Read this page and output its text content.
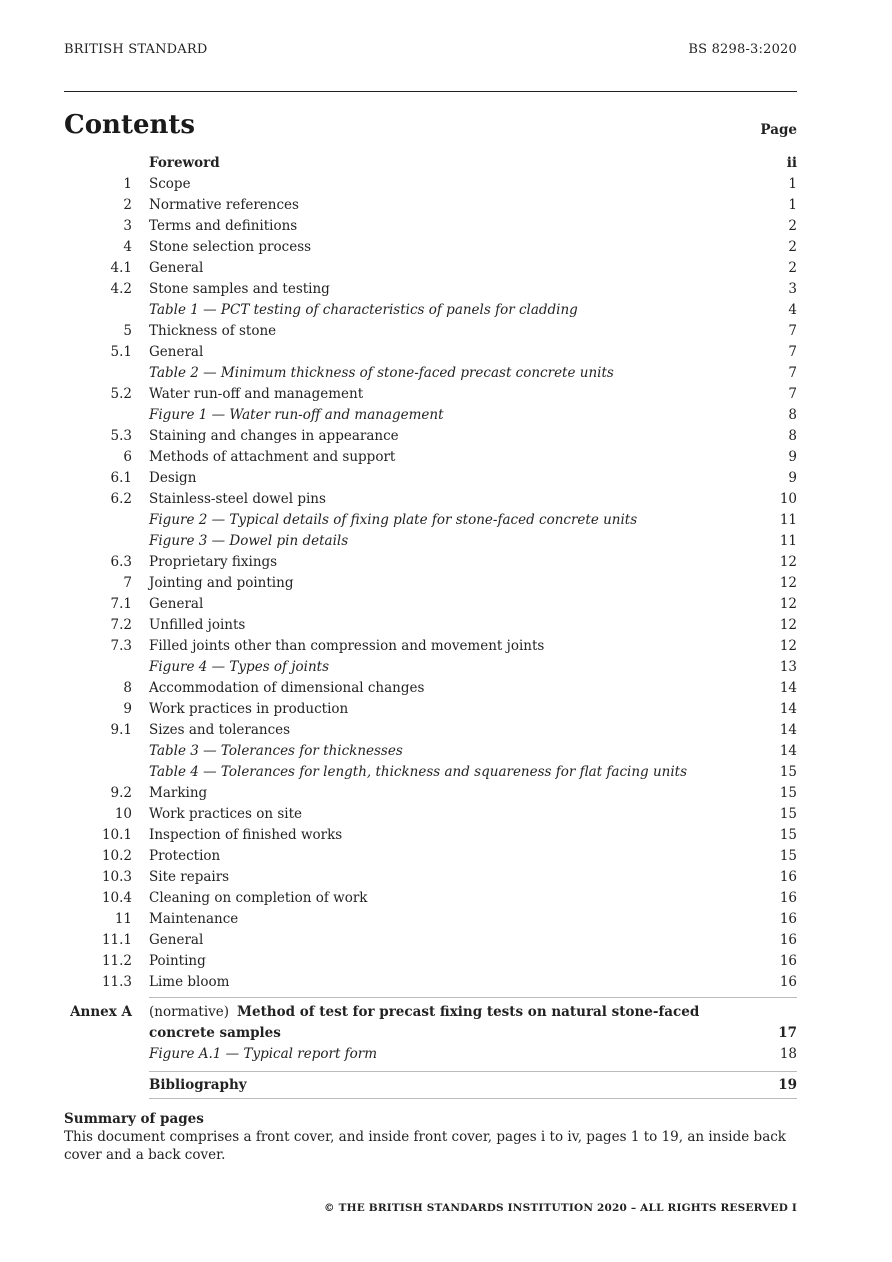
BRITISH STANDARD	BS 8298-3:2020
Contents	Page
Foreword	ii
1 Scope	1
2 Normative references	1
3 Terms and definitions	2
4 Stone selection process	2
4.1 General	2
4.2 Stone samples and testing	3
Table 1 — PCT testing of characteristics of panels for cladding	4
5 Thickness of stone	7
5.1 General	7
Table 2 — Minimum thickness of stone-faced precast concrete units	7
5.2 Water run-off and management	7
Figure 1 — Water run-off and management	8
5.3 Staining and changes in appearance	8
6 Methods of attachment and support	9
6.1 Design	9
6.2 Stainless-steel dowel pins	10
Figure 2 — Typical details of fixing plate for stone-faced concrete units	11
Figure 3 — Dowel pin details	11
6.3 Proprietary fixings	12
7 Jointing and pointing	12
7.1 General	12
7.2 Unfilled joints	12
7.3 Filled joints other than compression and movement joints	12
Figure 4 — Types of joints	13
8 Accommodation of dimensional changes	14
9 Work practices in production	14
9.1 Sizes and tolerances	14
Table 3 — Tolerances for thicknesses	14
Table 4 — Tolerances for length, thickness and squareness for flat facing units	15
9.2 Marking	15
10 Work practices on site	15
10.1 Inspection of finished works	15
10.2 Protection	15
10.3 Site repairs	16
10.4 Cleaning on completion of work	16
11 Maintenance	16
11.1 General	16
11.2 Pointing	16
11.3 Lime bloom	16
Annex A (normative) Method of test for precast fixing tests on natural stone-faced
concrete samples	17
Figure A.1 — Typical report form	18
Bibliography	19
Summary of pages
This document comprises a front cover, and inside front cover, pages i to iv, pages 1 to 19, an inside back cover and a back cover.
© THE BRITISH STANDARDS INSTITUTION 2020 – ALL RIGHTS RESERVED I
